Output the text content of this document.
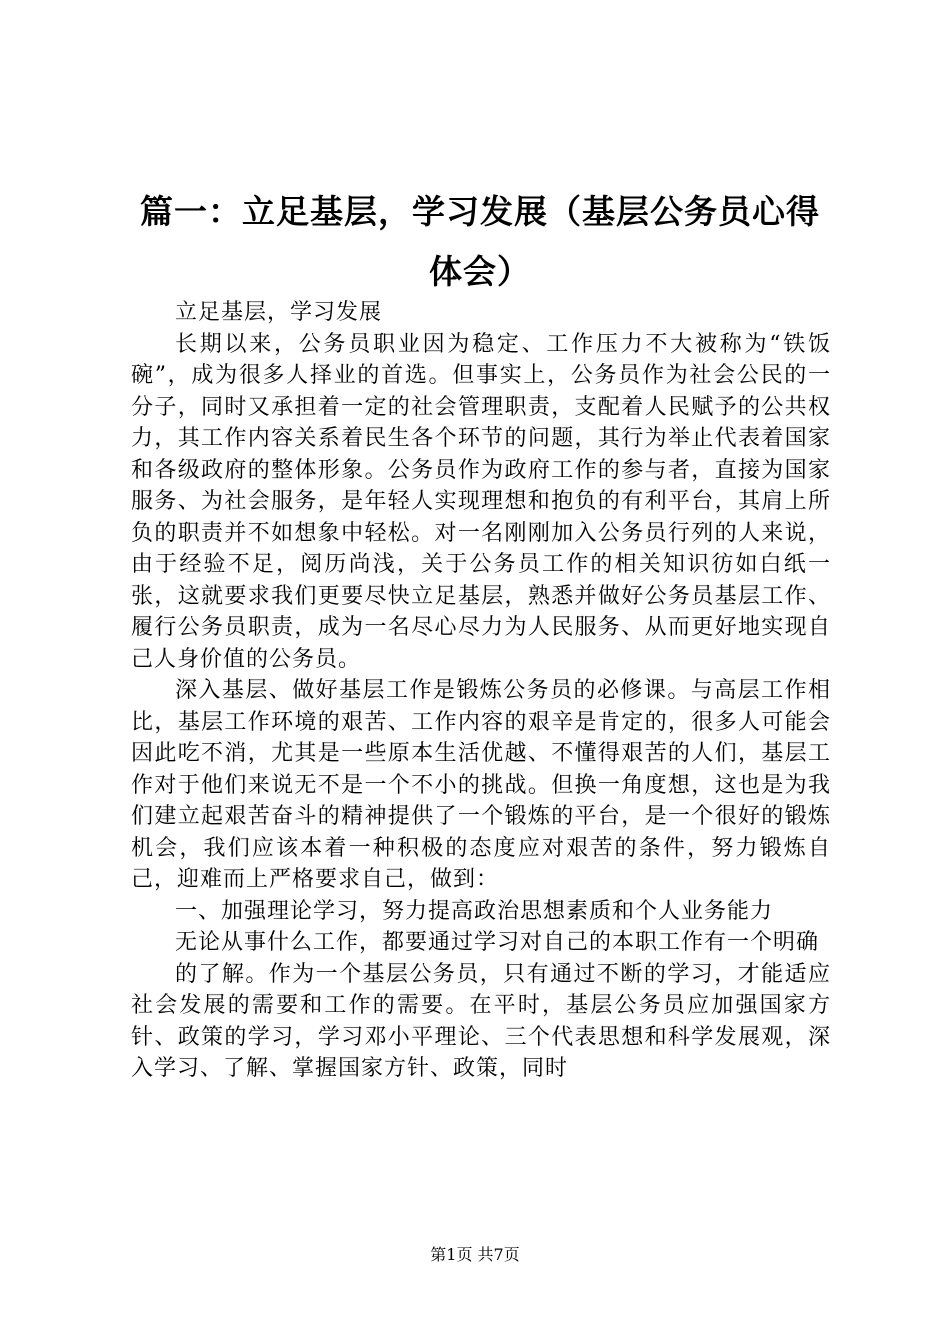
篇一：立足基层，学习发展（基层公务员心得体会）

立足基层，学习发展

长期以来，公务员职业因为稳定、工作压力不大被称为“铁饭碗”，成为很多人择业的首选。但事实上，公务员作为社会公民的一分子，同时又承担着一定的社会管理职责，支配着人民赋予的公共权力，其工作内容关系着民生各个环节的问题，其行为举止代表着国家和各级政府的整体形象。公务员作为政府工作的参与者，直接为国家服务、为社会服务，是年轻人实现理想和抱负的有利平台，其肩上所负的职责并不如想象中轻松。对一名刚刚加入公务员行列的人来说，由于经验不足，阅历尚浅，关于公务员工作的相关知识彷如白纸一张，这就要求我们更要尽快立足基层，熟悉并做好公务员基层工作、履行公务员职责，成为一名尽心尽力为人民服务、从而更好地实现自己人身价值的公务员。

深入基层、做好基层工作是锻炼公务员的必修课。与高层工作相比，基层工作环境的艰苦、工作内容的艰辛是肯定的，很多人可能会因此吃不消，尤其是一些原本生活优越、不懂得艰苦的人们，基层工作对于他们来说无不是一个不小的挑战。但换一角度想，这也是为我们建立起艰苦奋斗的精神提供了一个锻炼的平台，是一个很好的锻炼机会，我们应该本着一种积极的态度应对艰苦的条件，努力锻炼自己，迎难而上严格要求自己，做到：

一、加强理论学习，努力提高政治思想素质和个人业务能力

无论从事什么工作，都要通过学习对自己的本职工作有一个明确

的了解。作为一个基层公务员，只有通过不断的学习，才能适应社会发展的需要和工作的需要。在平时，基层公务员应加强国家方针、政策的学习，学习邓小平理论、三个代表思想和科学发展观，深入学习、了解、掌握国家方针、政策，同时

第1页 共7页
